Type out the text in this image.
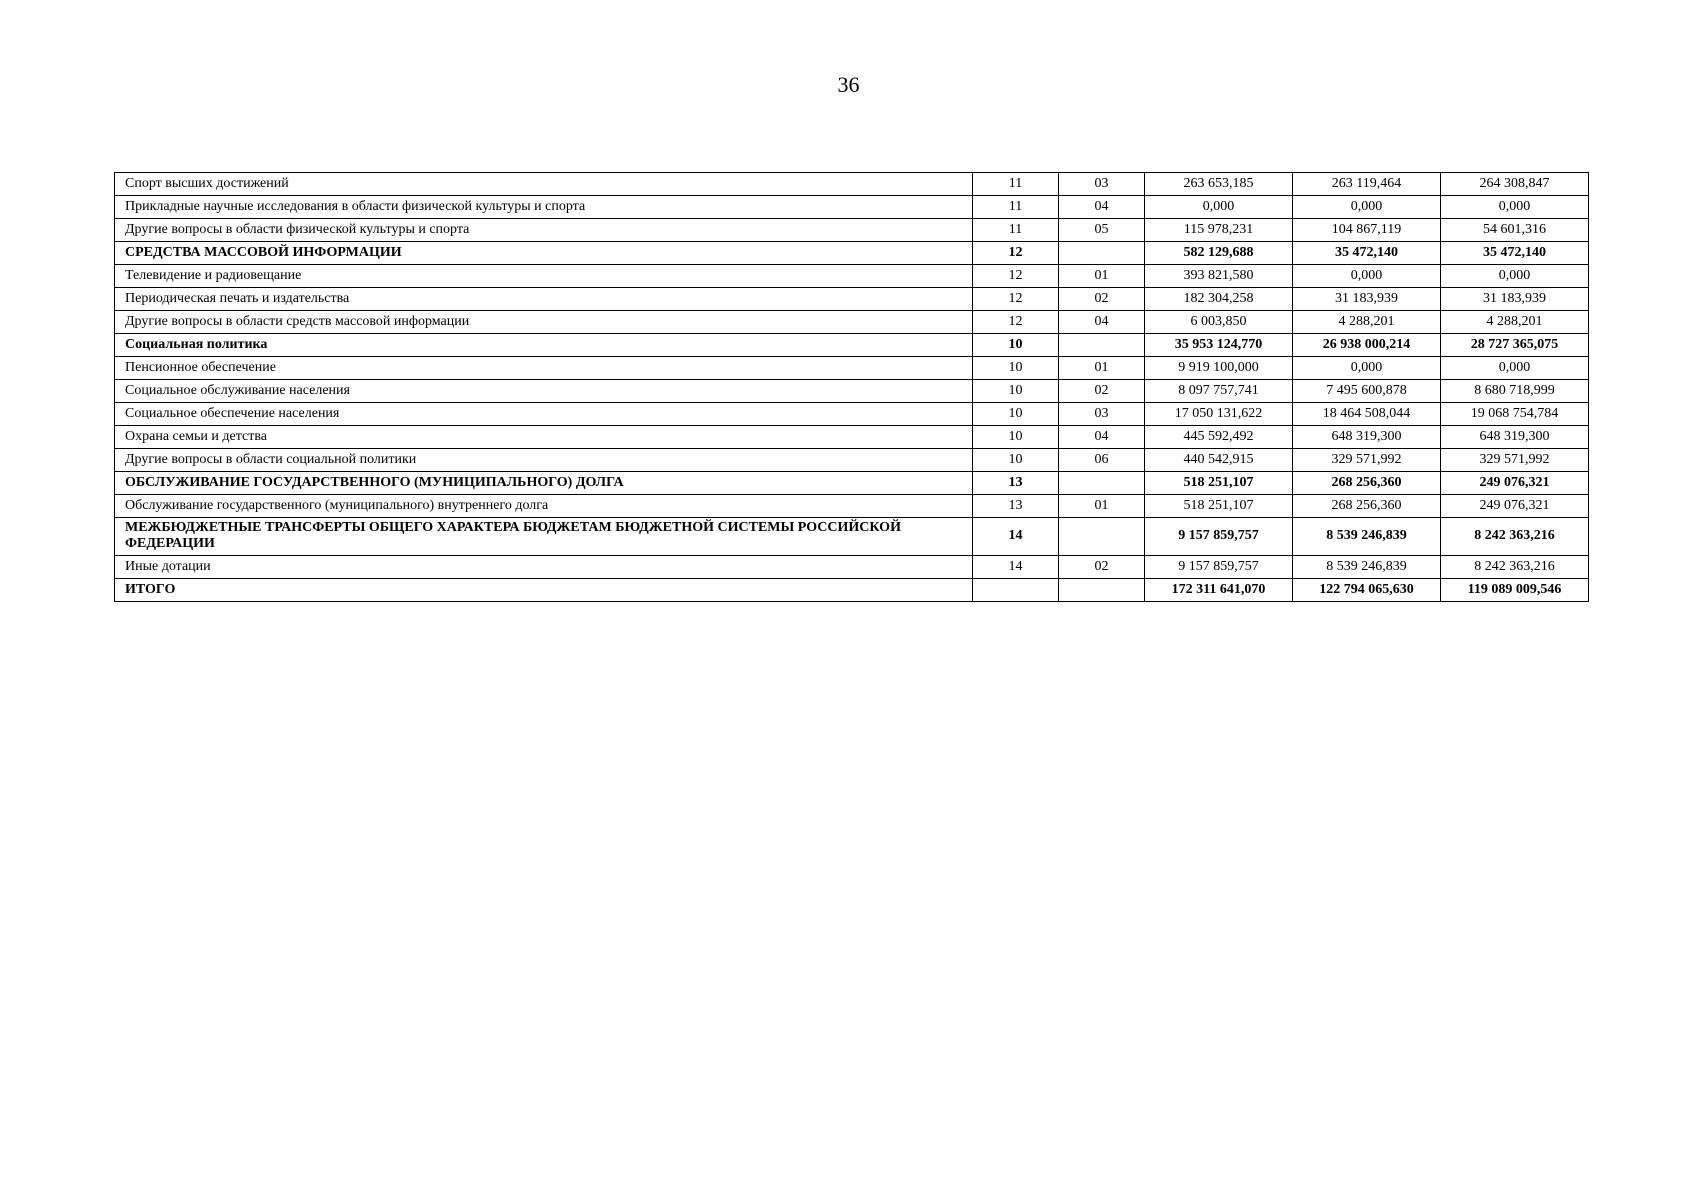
36
Спорт высших достижений	11	03	263 653,185	263 119,464	264 308,847
Прикладные научные исследования в области физической культуры и спорта	11	04	0,000	0,000	0,000
Другие вопросы в области физической культуры и спорта	11	05	115 978,231	104 867,119	54 601,316
СРЕДСТВА МАССОВОЙ ИНФОРМАЦИИ	12		582 129,688	35 472,140	35 472,140
Телевидение и радиовещание	12	01	393 821,580	0,000	0,000
Периодическая печать и издательства	12	02	182 304,258	31 183,939	31 183,939
Другие вопросы в области средств массовой информации	12	04	6 003,850	4 288,201	4 288,201
Социальная политика	10		35 953 124,770	26 938 000,214	28 727 365,075
Пенсионное обеспечение	10	01	9 919 100,000	0,000	0,000
Социальное обслуживание населения	10	02	8 097 757,741	7 495 600,878	8 680 718,999
Социальное обеспечение населения	10	03	17 050 131,622	18 464 508,044	19 068 754,784
Охрана семьи и детства	10	04	445 592,492	648 319,300	648 319,300
Другие вопросы в области социальной политики	10	06	440 542,915	329 571,992	329 571,992
ОБСЛУЖИВАНИЕ ГОСУДАРСТВЕННОГО (МУНИЦИПАЛЬНОГО) ДОЛГА	13		518 251,107	268 256,360	249 076,321
Обслуживание государственного (муниципального) внутреннего долга	13	01	518 251,107	268 256,360	249 076,321
МЕЖБЮДЖЕТНЫЕ ТРАНСФЕРТЫ ОБЩЕГО ХАРАКТЕРА БЮДЖЕТАМ БЮДЖЕТНОЙ СИСТЕМЫ РОССИЙСКОЙ ФЕДЕРАЦИИ	14		9 157 859,757	8 539 246,839	8 242 363,216
Иные дотации	14	02	9 157 859,757	8 539 246,839	8 242 363,216
ИТОГО			172 311 641,070	122 794 065,630	119 089 009,546
